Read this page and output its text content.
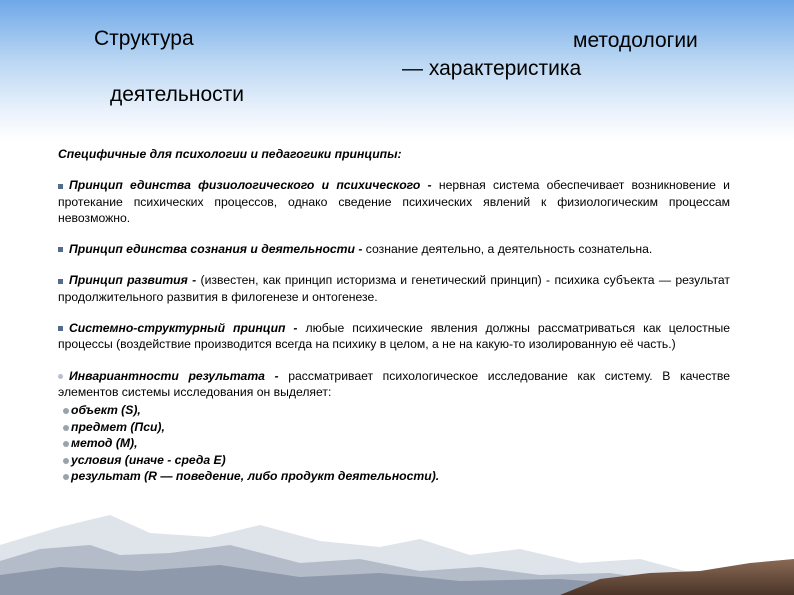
Структура	методологии
— характеристика
деятельности
Специфичные для психологии и педагогики принципы:
Принцип единства физиологического и психического - нервная система обеспечивает возникновение и протекание психических процессов, однако сведение психических явлений к физиологическим процессам невозможно.
Принцип единства сознания и деятельности - сознание деятельно, а деятельность сознательна.
Принцип развития - (известен, как принцип историзма и генетический принцип) - психика субъекта — результат продолжительного развития в филогенезе и онтогенезе.
Системно-структурный принцип - любые психические явления должны рассматриваться как целостные процессы (воздействие производится всегда на психику в целом, а не на какую-то изолированную её часть.)
Инвариантности результата - рассматривает психологическое исследование как систему. В качестве элементов системы исследования он выделяет:
объект (S),
предмет (Пси),
метод (М),
условия (иначе - среда Е)
результат (R — поведение, либо продукт деятельности).
